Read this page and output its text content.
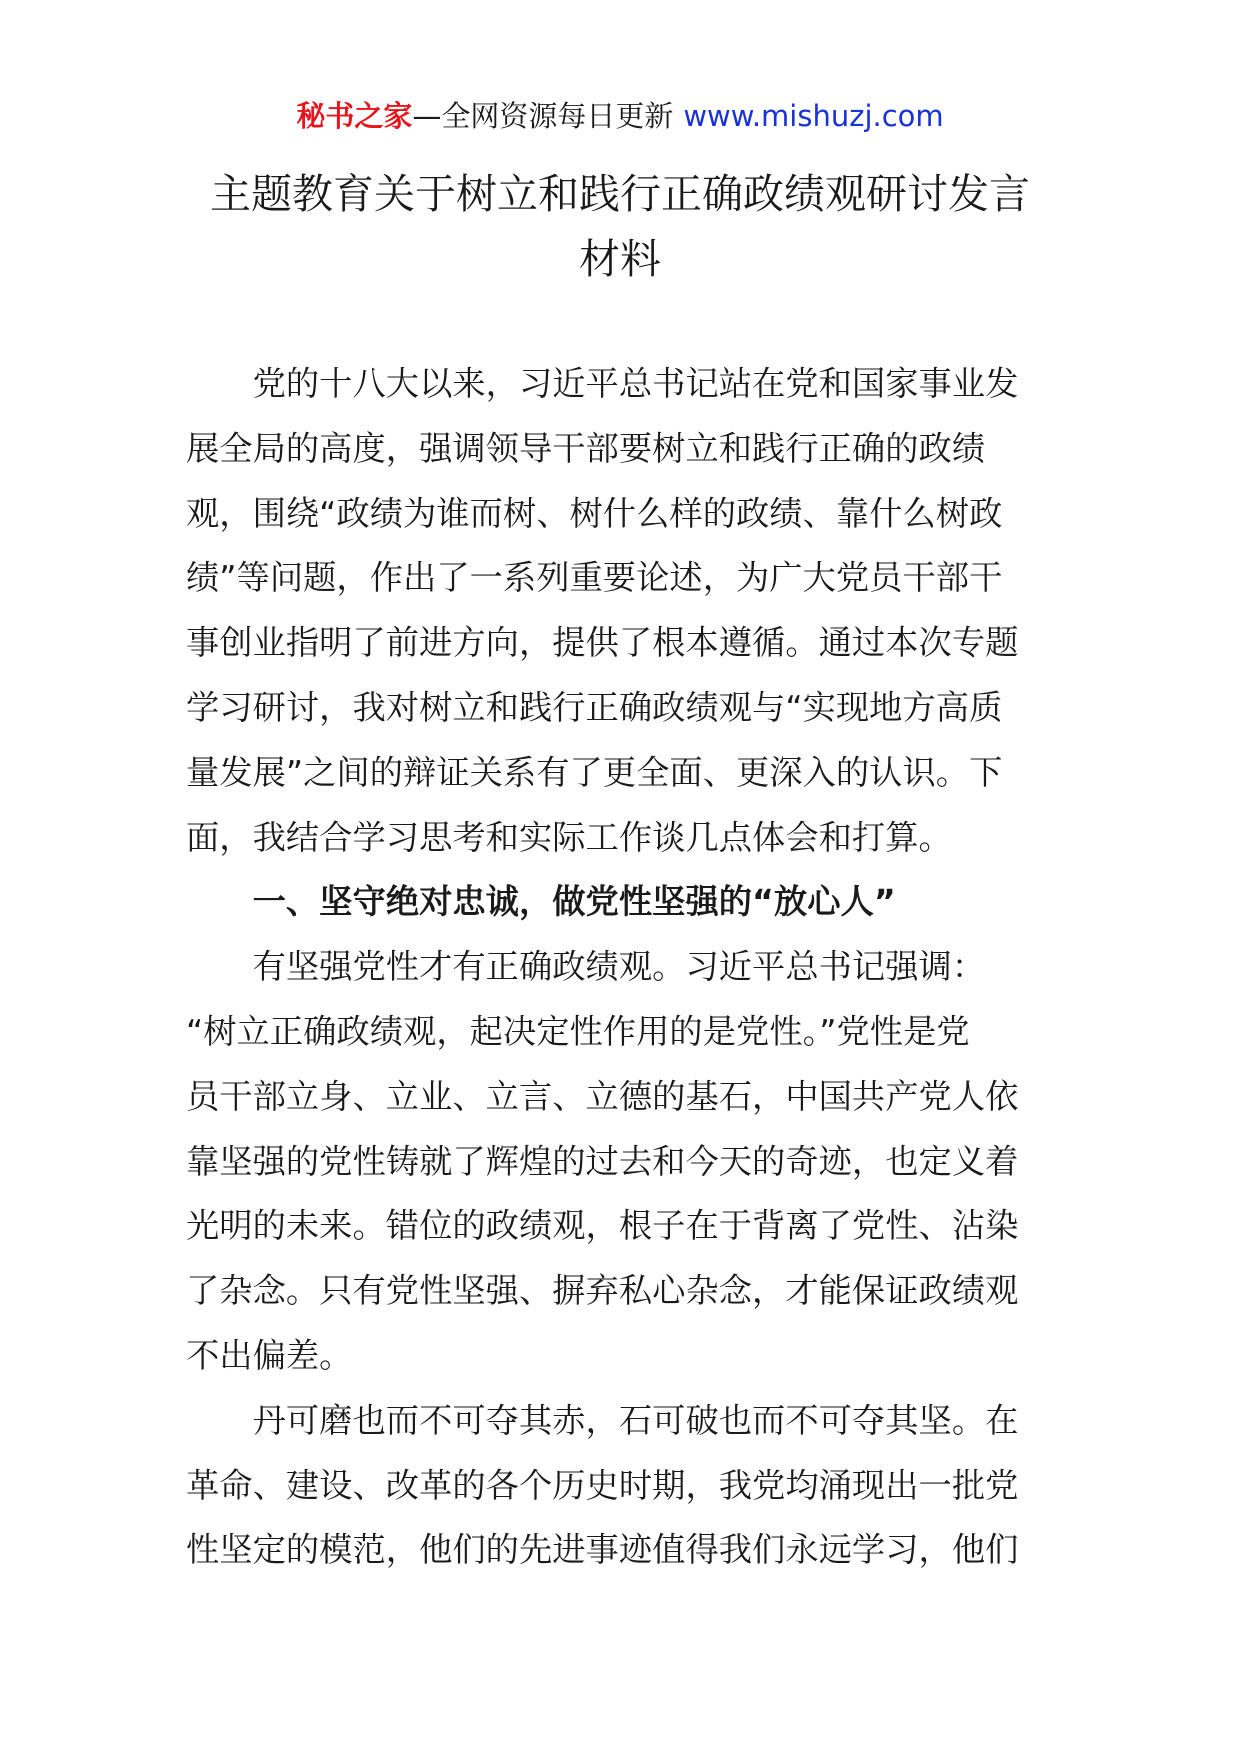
秘书之家—全网资源每日更新 www.mishuzj.com
主题教育关于树立和践行正确政绩观研讨发言
材料

党的十八大以来，习近平总书记站在党和国家事业发
展全局的高度，强调领导干部要树立和践行正确的政绩
观，围绕“政绩为谁而树、树什么样的政绩、靠什么树政
绩”等问题，作出了一系列重要论述，为广大党员干部干
事创业指明了前进方向，提供了根本遵循。通过本次专题
学习研讨，我对树立和践行正确政绩观与“实现地方高质
量发展”之间的辩证关系有了更全面、更深入的认识。下
面，我结合学习思考和实际工作谈几点体会和打算。

一、坚守绝对忠诚，做党性坚强的“放心人”

有坚强党性才有正确政绩观。习近平总书记强调：
“树立正确政绩观，起决定性作用的是党性。”党性是党
员干部立身、立业、立言、立德的基石，中国共产党人依
靠坚强的党性铸就了辉煌的过去和今天的奇迹，也定义着
光明的未来。错位的政绩观，根子在于背离了党性、沾染
了杂念。只有党性坚强、摒弃私心杂念，才能保证政绩观
不出偏差。

丹可磨也而不可夺其赤，石可破也而不可夺其坚。在
革命、建设、改革的各个历史时期，我党均涌现出一批党
性坚定的模范，他们的先进事迹值得我们永远学习，他们
